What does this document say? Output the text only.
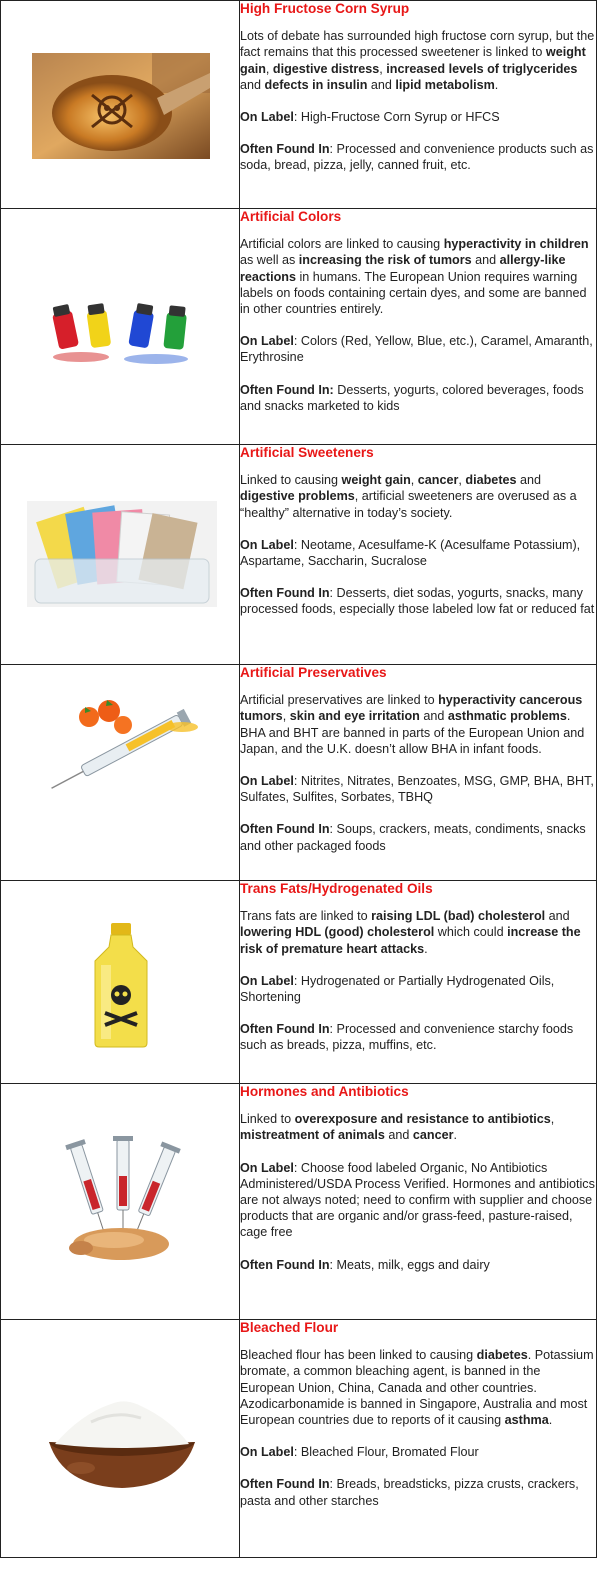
High Fructose Corn Syrup
Lots of debate has surrounded high fructose corn syrup, but the fact remains that this processed sweetener is linked to weight gain, digestive distress, increased levels of triglycerides and defects in insulin and lipid metabolism.
On Label: High-Fructose Corn Syrup or HFCS
Often Found In: Processed and convenience products such as soda, bread, pizza, jelly, canned fruit, etc.

Artificial Colors
Artificial colors are linked to causing hyperactivity in children as well as increasing the risk of tumors and allergy-like reactions in humans. The European Union requires warning labels on foods containing certain dyes, and some are banned in other countries entirely.
On Label: Colors (Red, Yellow, Blue, etc.), Caramel, Amaranth, Erythrosine
Often Found In: Desserts, yogurts, colored beverages, foods and snacks marketed to kids

Artificial Sweeteners
Linked to causing weight gain, cancer, diabetes and digestive problems, artificial sweeteners are overused as a “healthy” alternative in today’s society.
On Label: Neotame, Acesulfame-K (Acesulfame Potassium), Aspartame, Saccharin, Sucralose
Often Found In: Desserts, diet sodas, yogurts, snacks, many processed foods, especially those labeled low fat or reduced fat

Artificial Preservatives
Artificial preservatives are linked to hyperactivity cancerous tumors, skin and eye irritation and asthmatic problems. BHA and BHT are banned in parts of the European Union and Japan, and the U.K. doesn’t allow BHA in infant foods.
On Label: Nitrites, Nitrates, Benzoates, MSG, GMP, BHA, BHT, Sulfates, Sulfites, Sorbates, TBHQ
Often Found In: Soups, crackers, meats, condiments, snacks and other packaged foods

Trans Fats/Hydrogenated Oils
Trans fats are linked to raising LDL (bad) cholesterol and lowering HDL (good) cholesterol which could increase the risk of premature heart attacks.
On Label: Hydrogenated or Partially Hydrogenated Oils, Shortening
Often Found In: Processed and convenience starchy foods such as breads, pizza, muffins, etc.

Hormones and Antibiotics
Linked to overexposure and resistance to antibiotics, mistreatment of animals and cancer.
On Label: Choose food labeled Organic, No Antibiotics Administered/USDA Process Verified. Hormones and antibiotics are not always noted; need to confirm with supplier and choose products that are organic and/or grass-feed, pasture-raised, cage free
Often Found In: Meats, milk, eggs and dairy

Bleached Flour
Bleached flour has been linked to causing diabetes. Potassium bromate, a common bleaching agent, is banned in the European Union, China, Canada and other countries. Azodicarbonamide is banned in Singapore, Australia and most European countries due to reports of it causing asthma.
On Label: Bleached Flour, Bromated Flour
Often Found In: Breads, breadsticks, pizza crusts, crackers, pasta and other starches
